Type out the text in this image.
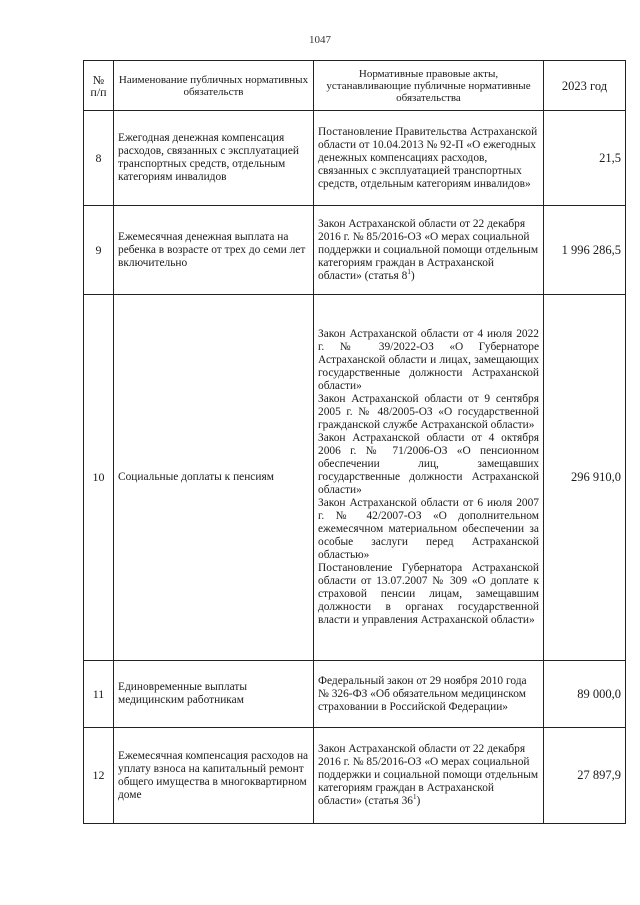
1047
№ п/п	Наименование публичных нормативных обязательств	Нормативные правовые акты, устанавливающие публичные нормативные обязательства	2023 год
8	Ежегодная денежная компенсация расходов, связанных с эксплуатацией транспортных средств, отдельным категориям инвалидов	Постановление Правительства Астраханской области от 10.04.2013 № 92-П «О ежегодных денежных компенсациях расходов, связанных с эксплуатацией транспортных средств, отдельным категориям инвалидов»	21,5
9	Ежемесячная денежная выплата на ребенка в возрасте от трех до семи лет включительно	Закон Астраханской области от 22 декабря 2016 г. № 85/2016-ОЗ «О мерах социальной поддержки и социальной помощи отдельным категориям граждан в Астраханской области» (статья $8^1$)	1 996 286,5
10	Социальные доплаты к пенсиям	Закон Астраханской области от 4 июля 2022 г. № 39/2022-ОЗ «О Губернаторе Астраханской области и лицах, замещающих государственные должности Астраханской области»
Закон Астраханской области от 9 сентября 2005 г. № 48/2005-ОЗ «О государственной гражданской службе Астраханской области»
Закон Астраханской области от 4 октября 2006 г. № 71/2006-ОЗ «О пенсионном обеспечении лиц, замещавших государственные должности Астраханской области»
Закон Астраханской области от 6 июля 2007 г. № 42/2007-ОЗ «О дополнительном ежемесячном материальном обеспечении за особые заслуги перед Астраханской областью»
Постановление Губернатора Астраханской области от 13.07.2007 № 309 «О доплате к страховой пенсии лицам, замещавшим должности в органах государственной власти и управления Астраханской области»	296 910,0
11	Единовременные выплаты медицинским работникам	Федеральный закон от 29 ноября 2010 года № 326-ФЗ «Об обязательном медицинском страховании в Российской Федерации»	89 000,0
12	Ежемесячная компенсация расходов на уплату взноса на капитальный ремонт общего имущества в многоквартирном доме	Закон Астраханской области от 22 декабря 2016 г. № 85/2016-ОЗ «О мерах социальной поддержки и социальной помощи отдельным категориям граждан в Астраханской области» (статья $36^1$)	27 897,9
